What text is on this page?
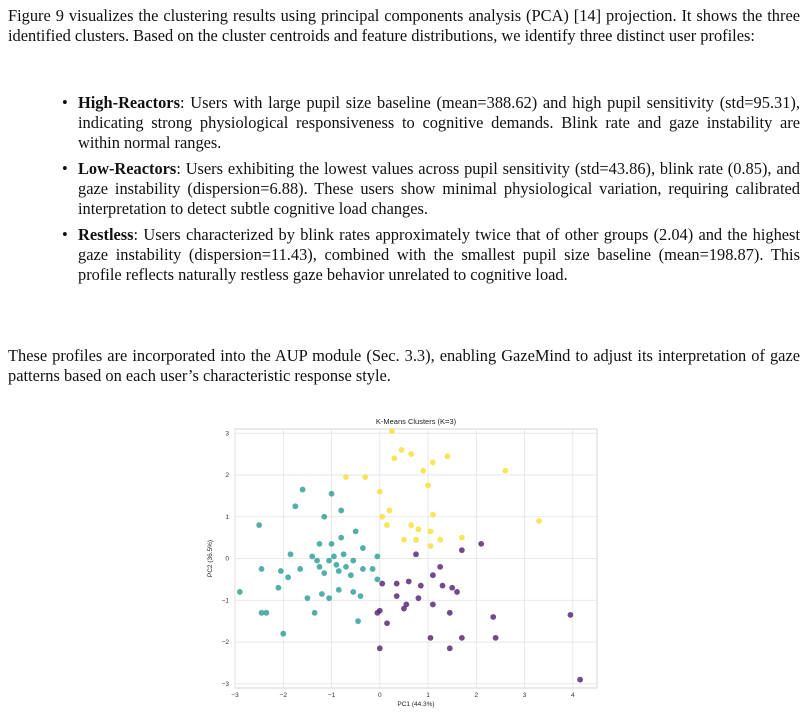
Figure 9 visualizes the clustering results using principal components analysis (PCA) [14] projection. It shows the three identified clusters. Based on the cluster centroids and feature distributions, we identify three distinct user profiles:

• High-Reactors: Users with large pupil size baseline (mean=388.62) and high pupil sensitivity (std=95.31), indicating strong physiological responsiveness to cognitive demands. Blink rate and gaze instability are within normal ranges.
• Low-Reactors: Users exhibiting the lowest values across pupil sensitivity (std=43.86), blink rate (0.85), and gaze instability (dispersion=6.88). These users show minimal physiological variation, requiring calibrated interpretation to detect subtle cognitive load changes.
• Restless: Users characterized by blink rates approximately twice that of other groups (2.04) and the highest gaze instability (dispersion=11.43), combined with the smallest pupil size baseline (mean=198.87). This profile reflects naturally restless gaze behavior unrelated to cognitive load.

These profiles are incorporated into the AUP module (Sec. 3.3), enabling GazeMind to adjust its interpretation of gaze patterns based on each user’s characteristic response style.

−3	−2	−1	0	1	2	3	4
−3
−2
−1
0
1
2
3
K-Means Clusters (K=3)
PC1 (44.3%)
PC2 (36.5%)
